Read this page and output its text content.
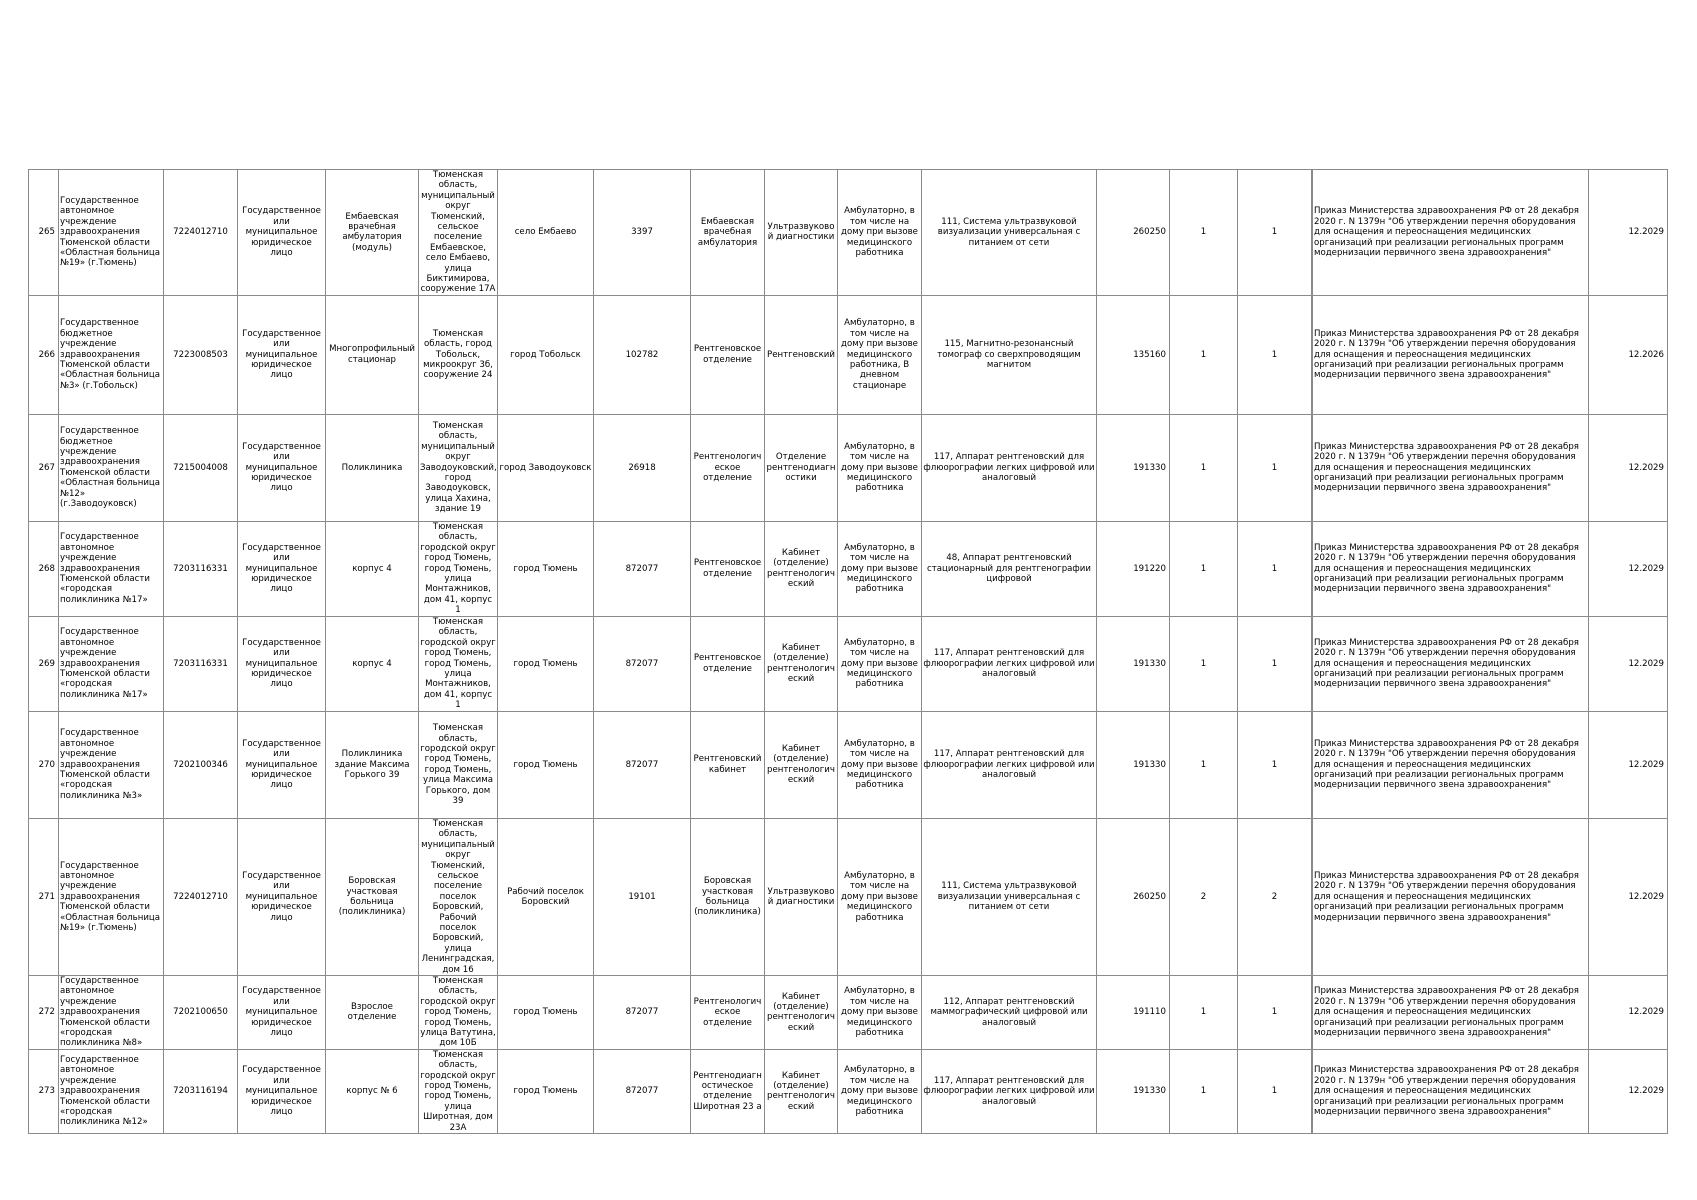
265	Государственное автономное учреждение здравоохранения Тюменской области «Областная больница №19» (г.Тюмень)	7224012710	Государственное или муниципальное юридическое лицо	Ембаевская врачебная амбулатория (модуль)	Тюменская область, муниципальный округ Тюменский, сельское поселение Ембаевское, село Ембаево, улица Биктимирова, сооружение 17А	село Ембаево	3397	Ембаевская врачебная амбулатория	Ультразвуково й диагностики	Амбулаторно, в том числе на дому при вызове медицинского работника	111, Система ультразвуковой визуализации универсальная с питанием от сети	260250	1	1		Приказ Министерства здравоохранения РФ от 28 декабря 2020 г. N 1379н "Об утверждении перечня оборудования для оснащения и переоснащения медицинских организаций при реализации региональных программ модернизации первичного звена здравоохранения"	12.2029
266	Государственное бюджетное учреждение здравоохранения Тюменской области «Областная больница №3» (г.Тобольск)	7223008503	Государственное или муниципальное юридическое лицо	Многопрофильный стационар	Тюменская область, город Тобольск, микроокруг 3б, сооружение 24	город Тобольск	102782	Рентгеновское отделение	Рентгеновский	Амбулаторно, в том числе на дому при вызове медицинского работника, В дневном стационаре	115, Магнитно-резонансный томограф со сверхпроводящим магнитом	135160	1	1		Приказ Министерства здравоохранения РФ от 28 декабря 2020 г. N 1379н "Об утверждении перечня оборудования для оснащения и переоснащения медицинских организаций при реализации региональных программ модернизации первичного звена здравоохранения"	12.2026
267	Государственное бюджетное учреждение здравоохранения Тюменской области «Областная больница №12» (г.Заводоуковск)	7215004008	Государственное или муниципальное юридическое лицо	Поликлиника	Тюменская область, муниципальный округ Заводоуковский, город Заводоуковск, улица Хахина, здание 19	город Заводоуковск	26918	Рентгенологич еское отделение	Отделение рентгенодиагн остики	Амбулаторно, в том числе на дому при вызове медицинского работника	117, Аппарат рентгеновский для флюорографии легких цифровой или аналоговый	191330	1	1		Приказ Министерства здравоохранения РФ от 28 декабря 2020 г. N 1379н "Об утверждении перечня оборудования для оснащения и переоснащения медицинских организаций при реализации региональных программ модернизации первичного звена здравоохранения"	12.2029
268	Государственное автономное учреждение здравоохранения Тюменской области «городская поликлиника №17»	7203116331	Государственное или муниципальное юридическое лицо	корпус 4	Тюменская область, городской округ город Тюмень, город Тюмень, улица Монтажников, дом 41, корпус 1	город Тюмень	872077	Рентгеновское отделение	Кабинет (отделение) рентгенологич еский	Амбулаторно, в том числе на дому при вызове медицинского работника	48, Аппарат рентгеновский стационарный для рентгенографии цифровой	191220	1	1		Приказ Министерства здравоохранения РФ от 28 декабря 2020 г. N 1379н "Об утверждении перечня оборудования для оснащения и переоснащения медицинских организаций при реализации региональных программ модернизации первичного звена здравоохранения"	12.2029
269	Государственное автономное учреждение здравоохранения Тюменской области «городская поликлиника №17»	7203116331	Государственное или муниципальное юридическое лицо	корпус 4	Тюменская область, городской округ город Тюмень, город Тюмень, улица Монтажников, дом 41, корпус 1	город Тюмень	872077	Рентгеновское отделение	Кабинет (отделение) рентгенологич еский	Амбулаторно, в том числе на дому при вызове медицинского работника	117, Аппарат рентгеновский для флюорографии легких цифровой или аналоговый	191330	1	1		Приказ Министерства здравоохранения РФ от 28 декабря 2020 г. N 1379н "Об утверждении перечня оборудования для оснащения и переоснащения медицинских организаций при реализации региональных программ модернизации первичного звена здравоохранения"	12.2029
270	Государственное автономное учреждение здравоохранения Тюменской области «городская поликлиника №3»	7202100346	Государственное или муниципальное юридическое лицо	Поликлиника здание Максима Горького 39	Тюменская область, городской округ город Тюмень, город Тюмень, улица Максима Горького, дом 39	город Тюмень	872077	Рентгеновский кабинет	Кабинет (отделение) рентгенологич еский	Амбулаторно, в том числе на дому при вызове медицинского работника	117, Аппарат рентгеновский для флюорографии легких цифровой или аналоговый	191330	1	1		Приказ Министерства здравоохранения РФ от 28 декабря 2020 г. N 1379н "Об утверждении перечня оборудования для оснащения и переоснащения медицинских организаций при реализации региональных программ модернизации первичного звена здравоохранения"	12.2029
271	Государственное автономное учреждение здравоохранения Тюменской области «Областная больница №19» (г.Тюмень)	7224012710	Государственное или муниципальное юридическое лицо	Боровская участковая больница (поликлиника)	Тюменская область, муниципальный округ Тюменский, сельское поселение поселок Боровский, Рабочий поселок Боровский, улица Ленинградская, дом 16	Рабочий поселок Боровский	19101	Боровская участковая больница (поликлиника)	Ультразвуково й диагностики	Амбулаторно, в том числе на дому при вызове медицинского работника	111, Система ультразвуковой визуализации универсальная с питанием от сети	260250	2	2		Приказ Министерства здравоохранения РФ от 28 декабря 2020 г. N 1379н "Об утверждении перечня оборудования для оснащения и переоснащения медицинских организаций при реализации региональных программ модернизации первичного звена здравоохранения"	12.2029
272	Государственное автономное учреждение здравоохранения Тюменской области «городская поликлиника №8»	7202100650	Государственное или муниципальное юридическое лицо	Взрослое отделение	Тюменская область, городской округ город Тюмень, город Тюмень, улица Ватутина, дом 10Б	город Тюмень	872077	Рентгенологич еское отделение	Кабинет (отделение) рентгенологич еский	Амбулаторно, в том числе на дому при вызове медицинского работника	112, Аппарат рентгеновский маммографический цифровой или аналоговый	191110	1	1		Приказ Министерства здравоохранения РФ от 28 декабря 2020 г. N 1379н "Об утверждении перечня оборудования для оснащения и переоснащения медицинских организаций при реализации региональных программ модернизации первичного звена здравоохранения"	12.2029
273	Государственное автономное учреждение здравоохранения Тюменской области «городская поликлиника №12»	7203116194	Государственное или муниципальное юридическое лицо	корпус № 6	Тюменская область, городской округ город Тюмень, город Тюмень, улица Широтная, дом 23А	город Тюмень	872077	Рентгенодиагн остическое отделение Широтная 23 а	Кабинет (отделение) рентгенологич еский	Амбулаторно, в том числе на дому при вызове медицинского работника	117, Аппарат рентгеновский для флюорографии легких цифровой или аналоговый	191330	1	1		Приказ Министерства здравоохранения РФ от 28 декабря 2020 г. N 1379н "Об утверждении перечня оборудования для оснащения и переоснащения медицинских организаций при реализации региональных программ модернизации первичного звена здравоохранения"	12.2029
